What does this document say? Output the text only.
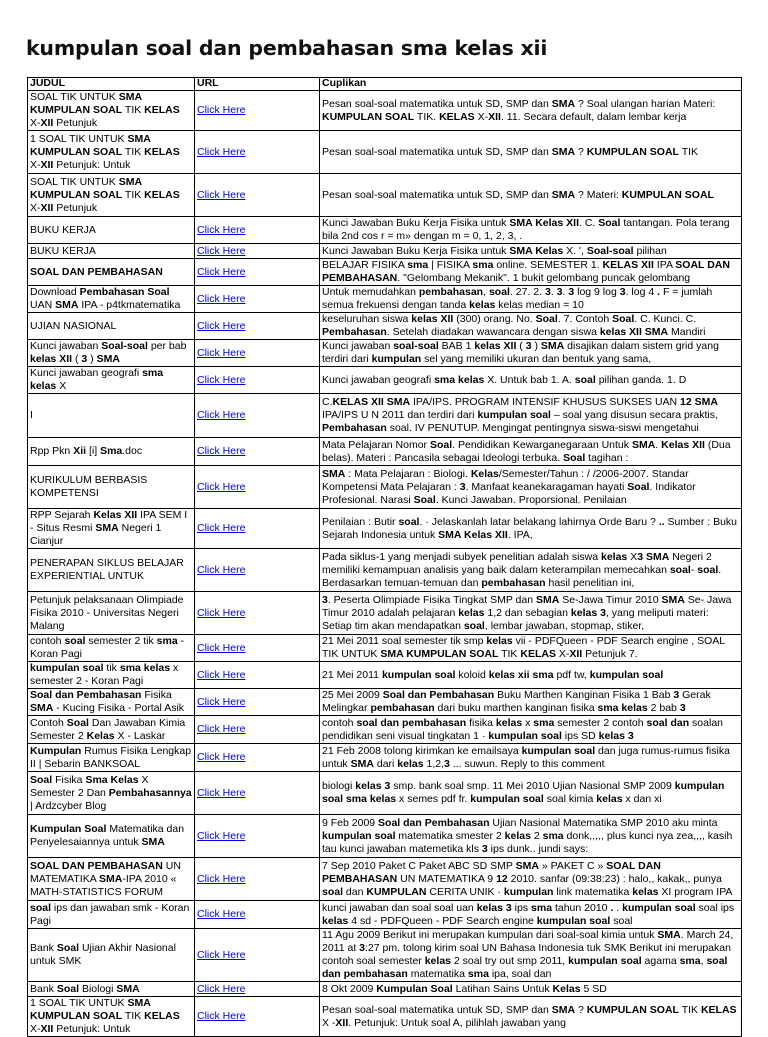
kumpulan soal dan pembahasan sma kelas xii
JUDUL	URL	Cuplikan
SOAL TIK UNTUK SMA KUMPULAN SOAL TIK KELAS X-XII Petunjuk	Click Here	Pesan soal-soal matematika untuk SD, SMP dan SMA ? Soal ulangan harian Materi: KUMPULAN SOAL TIK. KELAS X-XII. 11. Secara default, dalam lembar kerja
1 SOAL TIK UNTUK SMA KUMPULAN SOAL TIK KELAS X-XII Petunjuk: Untuk	Click Here	Pesan soal-soal matematika untuk SD, SMP dan SMA ? KUMPULAN SOAL TIK
SOAL TIK UNTUK SMA KUMPULAN SOAL TIK KELAS X-XII Petunjuk	Click Here	Pesan soal-soal matematika untuk SD, SMP dan SMA ? Materi: KUMPULAN SOAL
BUKU KERJA	Click Here	Kunci Jawaban Buku Kerja Fisika untuk SMA Kelas XII. C. Soal tantangan. Pola terang bila 2nd cos r = m» dengan m = 0, 1, 2, 3, .
BUKU KERJA	Click Here	Kunci Jawaban Buku Kerja Fisika untuk SMA Kelas X. ', Soal-soal pilihan
SOAL DAN PEMBAHASAN	Click Here	BELAJAR FISIKA sma | FISIKA sma online. SEMESTER 1. KELAS XII IPA SOAL DAN PEMBAHASAN. "Gelombang Mekanik". 1 bukit gelombang puncak gelombang
Download Pembahasan Soal UAN SMA IPA - p4tkmatematika	Click Here	Untuk memudahkan pembahasan, soal. 27. 2. 3. 3. 3 log 9 log 3. log 4 . F = jumlah semua frekuensi dengan tanda kelas kelas median = 10
UJIAN NASIONAL	Click Here	keseluruhan siswa kelas XII (300) orang. No. Soal. 7. Contoh Soal. C. Kunci. C. Pembahasan. Setelah diadakan wawancara dengan siswa kelas XII SMA Mandiri
Kunci jawaban Soal-soal per bab kelas XII ( 3 ) SMA	Click Here	Kunci jawaban soal-soal BAB 1 kelas XII ( 3 ) SMA disajikan dalam sistem grid yang terdiri dari kumpulan sel yang memiliki ukuran dan bentuk yang sama,
Kunci jawaban geografi sma kelas X	Click Here	Kunci jawaban geografi sma kelas X. Untuk bab 1. A. soal pilihan ganda. 1. D
I	Click Here	C.KELAS XII SMA IPA/IPS. PROGRAM INTENSIF KHUSUS SUKSES UAN 12 SMA IPA/IPS U N 2011 dan terdiri dari kumpulan soal – soal yang disusun secara praktis, Pembahasan soal. IV PENUTUP. Mengingat pentingnya siswa-siswi mengetahui
Rpp Pkn Xii [i] Sma.doc	Click Here	Mata Pelajaran Nomor Soal. Pendidikan Kewarganegaraan Untuk SMA. Kelas XII (Dua belas). Materi : Pancasila sebagai Ideologi terbuka. Soal tagihan :
KURIKULUM BERBASIS KOMPETENSI	Click Here	SMA : Mata Pelajaran : Biologi. Kelas/Semester/Tahun : / /2006-2007. Standar Kompetensi Mata Pelajaran : 3. Manfaat keanekaragaman hayati Soal. Indikator Profesional. Narasi Soal. Kunci Jawaban. Proporsional. Penilaian
RPP Sejarah Kelas XII IPA SEM I - Situs Resmi SMA Negeri 1 Cianjur	Click Here	Penilaian : Butir soal. · Jelaskanlah latar belakang lahirnya Orde Baru ? .. Sumber : Buku Sejarah Indonesia untuk SMA Kelas XII. IPA,
PENERAPAN SIKLUS BELAJAR EXPERIENTIAL UNTUK	Click Here	Pada siklus-1 yang menjadi subyek penelitian adalah siswa kelas X3 SMA Negeri 2 memiliki kemampuan analisis yang baik dalam keterampilan memecahkan soal- soal. Berdasarkan temuan-temuan dan pembahasan hasil penelitian ini,
Petunjuk pelaksanaan Olimpiade Fisika 2010 - Universitas Negeri Malang	Click Here	3. Peserta Olimpiade Fisika Tingkat SMP dan SMA Se-Jawa Timur 2010 SMA Se- Jawa Timur 2010 adalah pelajaran kelas 1,2 dan sebagian kelas 3, yang meliputi materi: Setiap tim akan mendapatkan soal, lembar jawaban, stopmap, stiker,
contoh soal semester 2 tik sma - Koran Pagi	Click Here	21 Mei 2011 soal semester tik smp kelas vii - PDFQueen - PDF Search engine , SOAL TIK UNTUK SMA KUMPULAN SOAL TIK KELAS X-XII Petunjuk 7.
kumpulan soal tik sma kelas x semester 2 - Koran Pagi	Click Here	21 Mei 2011 kumpulan soal koloid kelas xii sma pdf tw, kumpulan soal
Soal dan Pembahasan Fisika SMA - Kucing Fisika - Portal Asik	Click Here	25 Mei 2009 Soal dan Pembahasan Buku Marthen Kanginan Fisika 1 Bab 3 Gerak Melingkar pembahasan dari buku marthen kanginan fisika sma kelas 2 bab 3
Contoh Soal Dan Jawaban Kimia Semester 2 Kelas X - Laskar	Click Here	contoh soal dan pembahasan fisika kelas x sma semester 2 contoh soal dan soalan pendidikan seni visual tingkatan 1 · kumpulan soal ips SD kelas 3
Kumpulan Rumus Fisika Lengkap II | Sebarin BANKSOAL	Click Here	21 Feb 2008 tolong kirimkan ke emailsaya kumpulan soal dan juga rumus-rumus fisika untuk SMA dari kelas 1,2,3 ... suwun. Reply to this comment
Soal Fisika Sma Kelas X Semester 2 Dan Pembahasannya | Ardzcyber Blog	Click Here	biologi kelas 3 smp. bank soal smp. 11 Mei 2010 Ujian Nasional SMP 2009 kumpulan soal sma kelas x semes pdf fr. kumpulan soal soal kimia kelas x dan xi
Kumpulan Soal Matematika dan Penyelesaiannya untuk SMA	Click Here	9 Feb 2009 Soal dan Pembahasan Ujian Nasional Matematika SMP 2010 aku minta kumpulan soal matematika smester 2 kelas 2 sma donk,,,,, plus kunci nya zea,,,, kasih tau kunci jawaban matemetika kls 3 ips dunk.. jundi says:
SOAL DAN PEMBAHASAN UN MATEMATIKA SMA-IPA 2010 « MATH-STATISTICS FORUM	Click Here	7 Sep 2010 Paket C Paket ABC SD SMP SMA » PAKET C » SOAL DAN PEMBAHASAN UN MATEMATIKA 9 12 2010. sanfar (09:38:23) : halo,, kakak,, punya soal dan KUMPULAN CERITA UNIK · kumpulan link matematika kelas XI program IPA
soal ips dan jawaban smk - Koran Pagi	Click Here	kunci jawaban dan soal soal uan kelas 3 ips sma tahun 2010 . . kumpulan soal soal ips kelas 4 sd - PDFQueen - PDF Search engine kumpulan soal soal
Bank Soal Ujian Akhir Nasional untuk SMK	Click Here	11 Agu 2009 Berikut ini merupakan kumpulan dari soal-soal kimia untuk SMA. March 24, 2011 at 3:27 pm. tolong kirim soal UN Bahasa Indonesia tuk SMK Berikut ini merupakan contoh soal semester kelas 2 soal try out smp 2011, kumpulan soal agama sma, soal dan pembahasan matematika sma ipa, soal dan
Bank Soal Biologi SMA	Click Here	8 Okt 2009 Kumpulan Soal Latihan Sains Untuk Kelas 5 SD
1 SOAL TIK UNTUK SMA KUMPULAN SOAL TIK KELAS X-XII Petunjuk: Untuk	Click Here	Pesan soal-soal matematika untuk SD, SMP dan SMA ? KUMPULAN SOAL TIK KELAS X -XII. Petunjuk: Untuk soal A, pilihlah jawaban yang
